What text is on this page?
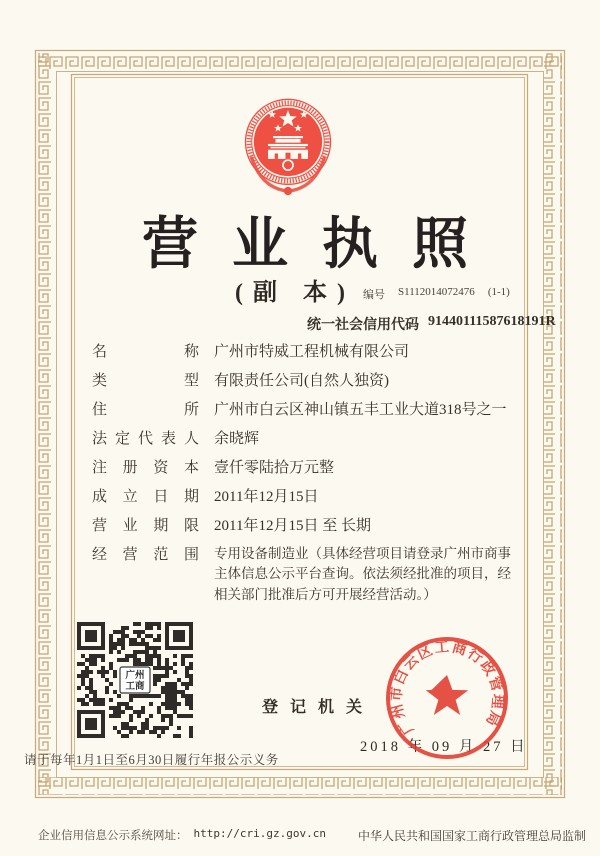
营业执照
(副 本) 编号 S1112014072476 (1-1)
统一社会信用代码 91440111587618191R
名称 广州市特威工程机械有限公司
类型 有限责任公司(自然人独资)
住所 广州市白云区神山镇五丰工业大道318号之一
法定代表人 余晓辉
注册资本 壹仟零陆拾万元整
成立日期 2011年12月15日
营业期限 2011年12月15日 至 长期
经营范围 专用设备制造业（具体经营项目请登录广州市商事主体信息公示平台查询。依法须经批准的项目，经相关部门批准后方可开展经营活动。）
广州
工商
登记机关
2018 年 09 月 27 日
广州市白云区工商行政管理局
请于每年1月1日至6月30日履行年报公示义务
企业信用信息公示系统网址： http://cri.gz.gov.cn	中华人民共和国国家工商行政管理总局监制
